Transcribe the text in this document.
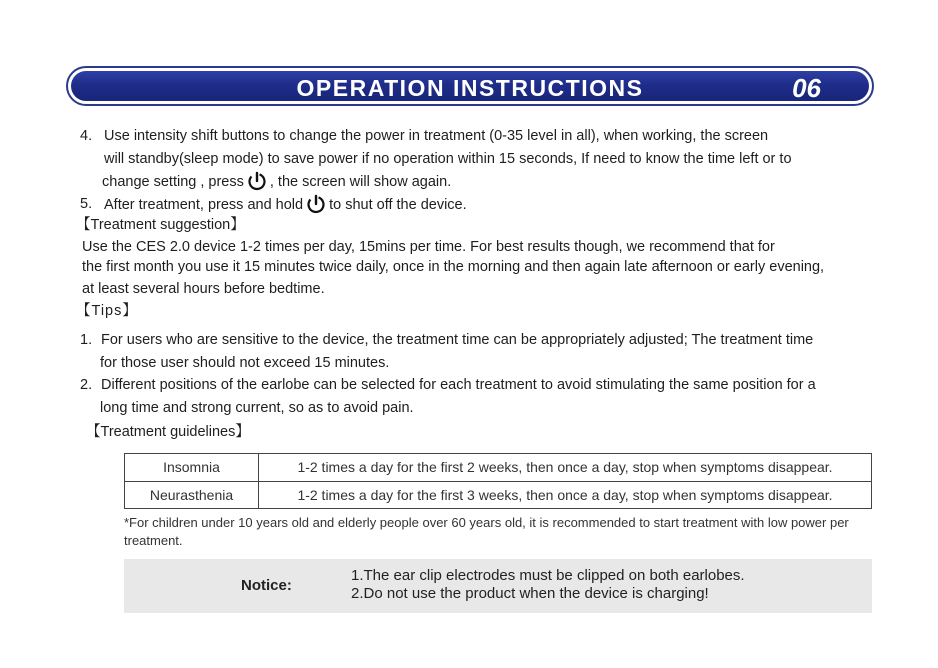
OPERATION INSTRUCTIONS	06
4. Use intensity shift buttons to change the power in treatment (0-35 level in all), when working, the screen
will standby(sleep mode) to save power if no operation within 15 seconds, If need to know the time left or to
change setting , press , the screen will show again.
5. After treatment, press and hold to shut off the device.
【Treatment suggestion】
Use the CES 2.0 device 1-2 times per day, 15mins per time. For best results though, we recommend that for
the first month you use it 15 minutes twice daily, once in the morning and then again late afternoon or early evening,
at least several hours before bedtime.
【Tips】
1. For users who are sensitive to the device, the treatment time can be appropriately adjusted; The treatment time
for those user should not exceed 15 minutes.
2. Different positions of the earlobe can be selected for each treatment to avoid stimulating the same position for a
long time and strong current, so as to avoid pain.
【Treatment guidelines】
Insomnia	1-2 times a day for the first 2 weeks, then once a day, stop when symptoms disappear.
Neurasthenia	1-2 times a day for the first 3 weeks, then once a day, stop when symptoms disappear.
*For children under 10 years old and elderly people over 60 years old, it is recommended to start treatment with low power per treatment.
Notice:
1.The ear clip electrodes must be clipped on both earlobes.
2.Do not use the product when the device is charging!
